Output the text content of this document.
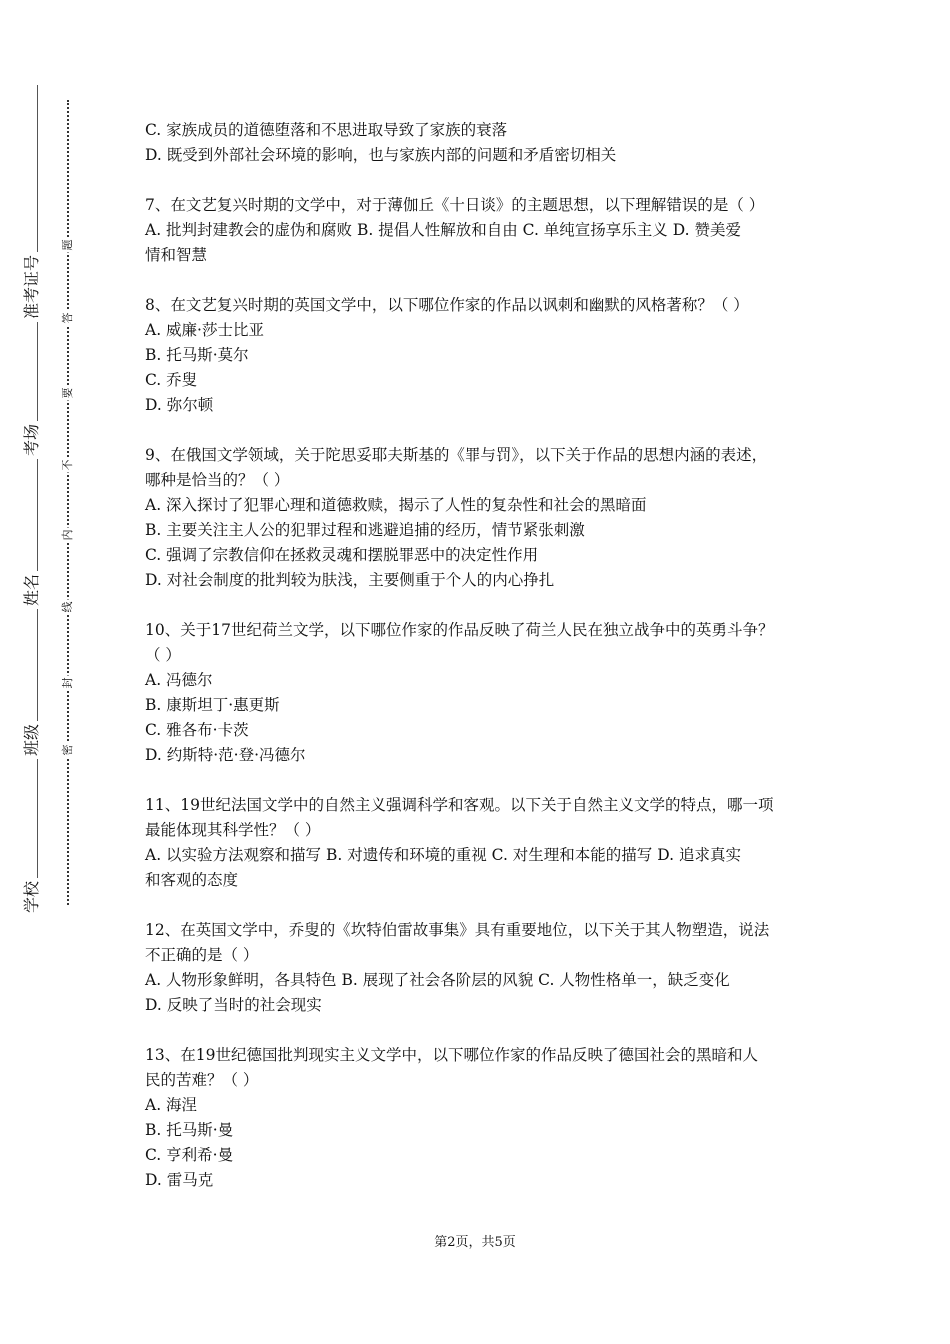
学校
班级
姓名
考场
准考证号
密
封
线
内
不
要
答
题
C. 家族成员的道德堕落和不思进取导致了家族的衰落
D. 既受到外部社会环境的影响，也与家族内部的问题和矛盾密切相关
7、在文艺复兴时期的文学中，对于薄伽丘《十日谈》的主题思想，以下理解错误的是（ ）
A. 批判封建教会的虚伪和腐败 B. 提倡人性解放和自由 C. 单纯宣扬享乐主义 D. 赞美爱
情和智慧
8、在文艺复兴时期的英国文学中，以下哪位作家的作品以讽刺和幽默的风格著称？（ ）
A. 威廉·莎士比亚
B. 托马斯·莫尔
C. 乔叟
D. 弥尔顿
9、在俄国文学领域，关于陀思妥耶夫斯基的《罪与罚》，以下关于作品的思想内涵的表述，
哪种是恰当的？（ ）
A. 深入探讨了犯罪心理和道德救赎，揭示了人性的复杂性和社会的黑暗面
B. 主要关注主人公的犯罪过程和逃避追捕的经历，情节紧张刺激
C. 强调了宗教信仰在拯救灵魂和摆脱罪恶中的决定性作用
D. 对社会制度的批判较为肤浅，主要侧重于个人的内心挣扎
10、关于17世纪荷兰文学，以下哪位作家的作品反映了荷兰人民在独立战争中的英勇斗争？
（ ）
A. 冯德尔
B. 康斯坦丁·惠更斯
C. 雅各布·卡茨
D. 约斯特·范·登·冯德尔
11、19世纪法国文学中的自然主义强调科学和客观。以下关于自然主义文学的特点，哪一项
最能体现其科学性？（ ）
A. 以实验方法观察和描写 B. 对遗传和环境的重视 C. 对生理和本能的描写 D. 追求真实
和客观的态度
12、在英国文学中，乔叟的《坎特伯雷故事集》具有重要地位，以下关于其人物塑造，说法
不正确的是（ ）
A. 人物形象鲜明，各具特色 B. 展现了社会各阶层的风貌 C. 人物性格单一，缺乏变化
D. 反映了当时的社会现实
13、在19世纪德国批判现实主义文学中，以下哪位作家的作品反映了德国社会的黑暗和人
民的苦难？（ ）
A. 海涅
B. 托马斯·曼
C. 亨利希·曼
D. 雷马克
第2页，共5页
